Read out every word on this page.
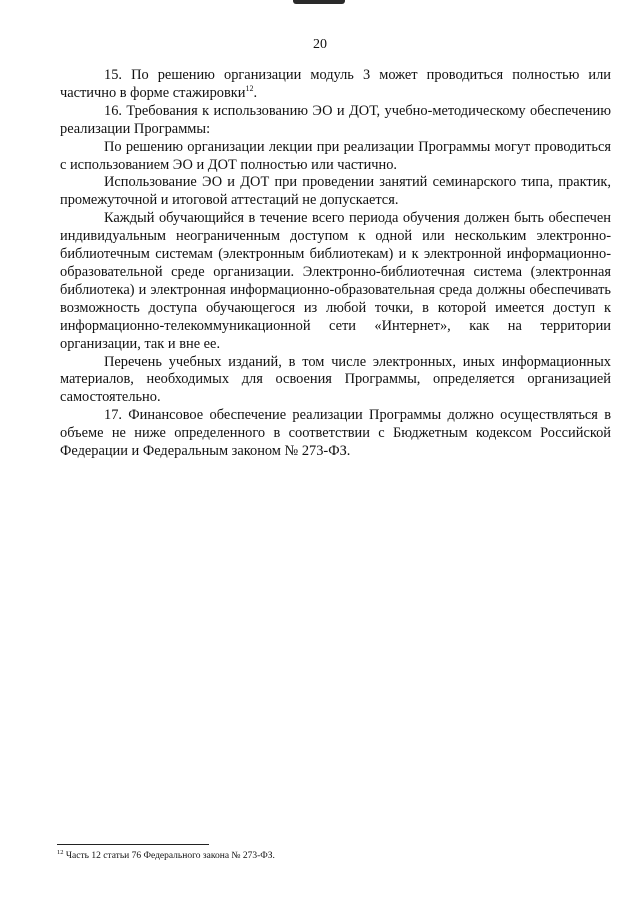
20

15. По решению организации модуль 3 может проводиться полностью или частично в форме стажировки$^{12}$.

16. Требования к использованию ЭО и ДОТ, учебно-методическому обеспечению реализации Программы:

По решению организации лекции при реализации Программы могут проводиться с использованием ЭО и ДОТ полностью или частично.

Использование ЭО и ДОТ при проведении занятий семинарского типа, практик, промежуточной и итоговой аттестаций не допускается.

Каждый обучающийся в течение всего периода обучения должен быть обеспечен индивидуальным неограниченным доступом к одной или нескольким электронно-библиотечным системам (электронным библиотекам) и к электронной информационно-образовательной среде организации. Электронно-библиотечная система (электронная библиотека) и электронная информационно-образовательная среда должны обеспечивать возможность доступа обучающегося из любой точки, в которой имеется доступ к информационно-телекоммуникационной сети «Интернет», как на территории организации, так и вне ее.

Перечень учебных изданий, в том числе электронных, иных информационных материалов, необходимых для освоения Программы, определяется организацией самостоятельно.

17. Финансовое обеспечение реализации Программы должно осуществляться в объеме не ниже определенного в соответствии с Бюджетным кодексом Российской Федерации и Федеральным законом № 273-ФЗ.

$^{12}$ Часть 12 статьи 76 Федерального закона № 273-ФЗ.
